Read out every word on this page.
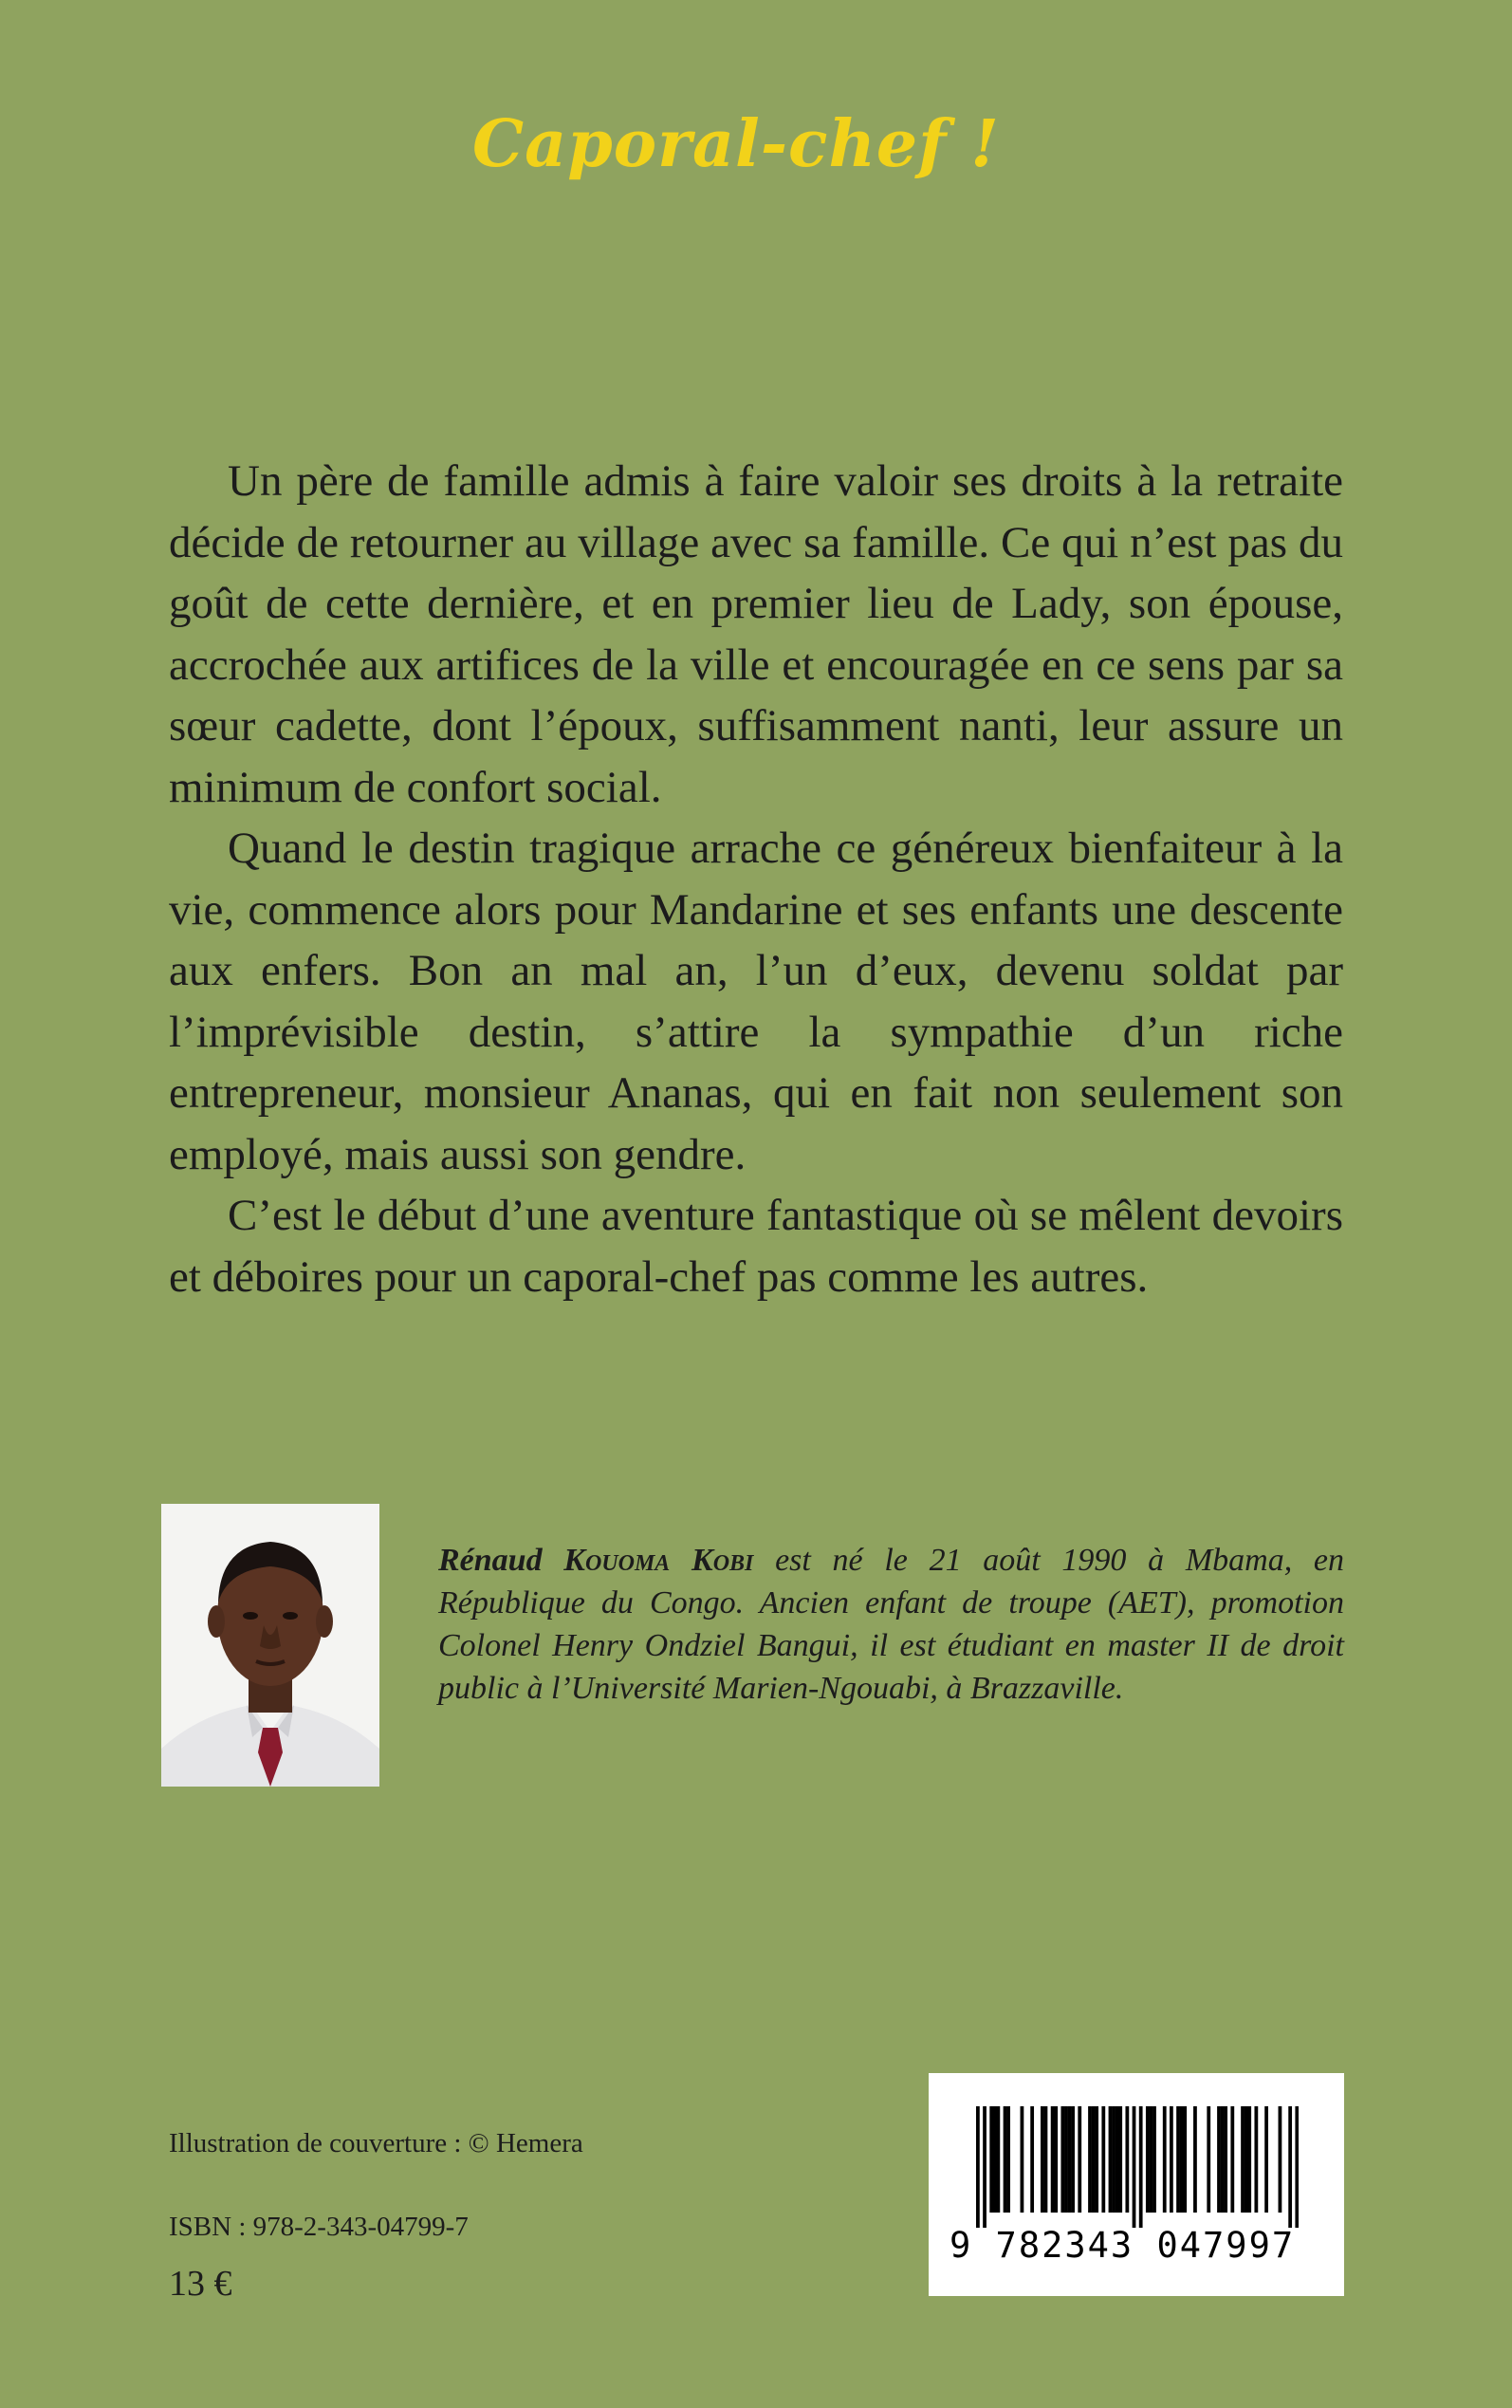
Caporal-chef !

Un père de famille admis à faire valoir ses droits à la retraite décide de retourner au village avec sa famille. Ce qui n’est pas du goût de cette dernière, et en premier lieu de Lady, son épouse, accrochée aux artifices de la ville et encouragée en ce sens par sa sœur cadette, dont l’époux, suffisamment nanti, leur assure un minimum de confort social.

Quand le destin tragique arrache ce généreux bienfaiteur à la vie, commence alors pour Mandarine et ses enfants une descente aux enfers. Bon an mal an, l’un d’eux, devenu soldat par l’imprévisible destin, s’attire la sympathie d’un riche entrepreneur, monsieur Ananas, qui en fait non seulement son employé, mais aussi son gendre.

C’est le début d’une aventure fantastique où se mêlent devoirs et déboires pour un caporal-chef pas comme les autres.

Rénaud Kouoma Kobi est né le 21 août 1990 à Mbama, en République du Congo. Ancien enfant de troupe (AET), promotion Colonel Henry Ondziel Bangui, il est étudiant en master II de droit public à l’Université Marien-Ngouabi, à Brazzaville.

Illustration de couverture : © Hemera
ISBN : 978-2-343-04799-7
13 €
9 782343 047997
